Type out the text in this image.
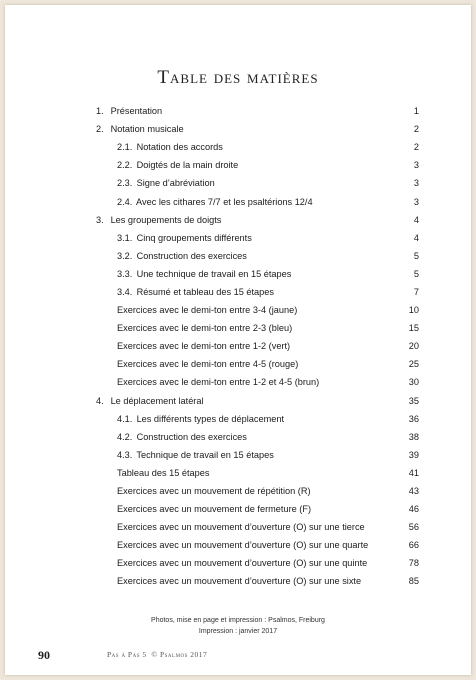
Table des matières
1. Présentation	1
2. Notation musicale	2
2.1. Notation des accords	2
2.2. Doigtés de la main droite	3
2.3. Signe d’abréviation	3
2.4. Avec les cithares 7/7 et les psaltérions 12/4	3
3. Les groupements de doigts	4
3.1. Cinq groupements différents	4
3.2. Construction des exercices	5
3.3. Une technique de travail en 15 étapes	5
3.4. Résumé et tableau des 15 étapes	7
Exercices avec le demi-ton entre 3-4 (jaune)	10
Exercices avec le demi-ton entre 2-3 (bleu)	15
Exercices avec le demi-ton entre 1-2 (vert)	20
Exercices avec le demi-ton entre 4-5 (rouge)	25
Exercices avec le demi-ton entre 1-2 et 4-5 (brun)	30
4. Le déplacement latéral	35
4.1. Les différents types de déplacement	36
4.2. Construction des exercices	38
4.3. Technique de travail en 15 étapes	39
Tableau des 15 étapes	41
Exercices avec un mouvement de répétition (R)	43
Exercices avec un mouvement de fermeture (F)	46
Exercices avec un mouvement d’ouverture (O) sur une tierce	56
Exercices avec un mouvement d’ouverture (O) sur une quarte	66
Exercices avec un mouvement d’ouverture (O) sur une quinte	78
Exercices avec un mouvement d’ouverture (O) sur une sixte	85
Photos, mise en page et impression : Psalmos, Freiburg
Impression : janvier 2017
90	Pas à Pas 5 © Psalmos 2017
